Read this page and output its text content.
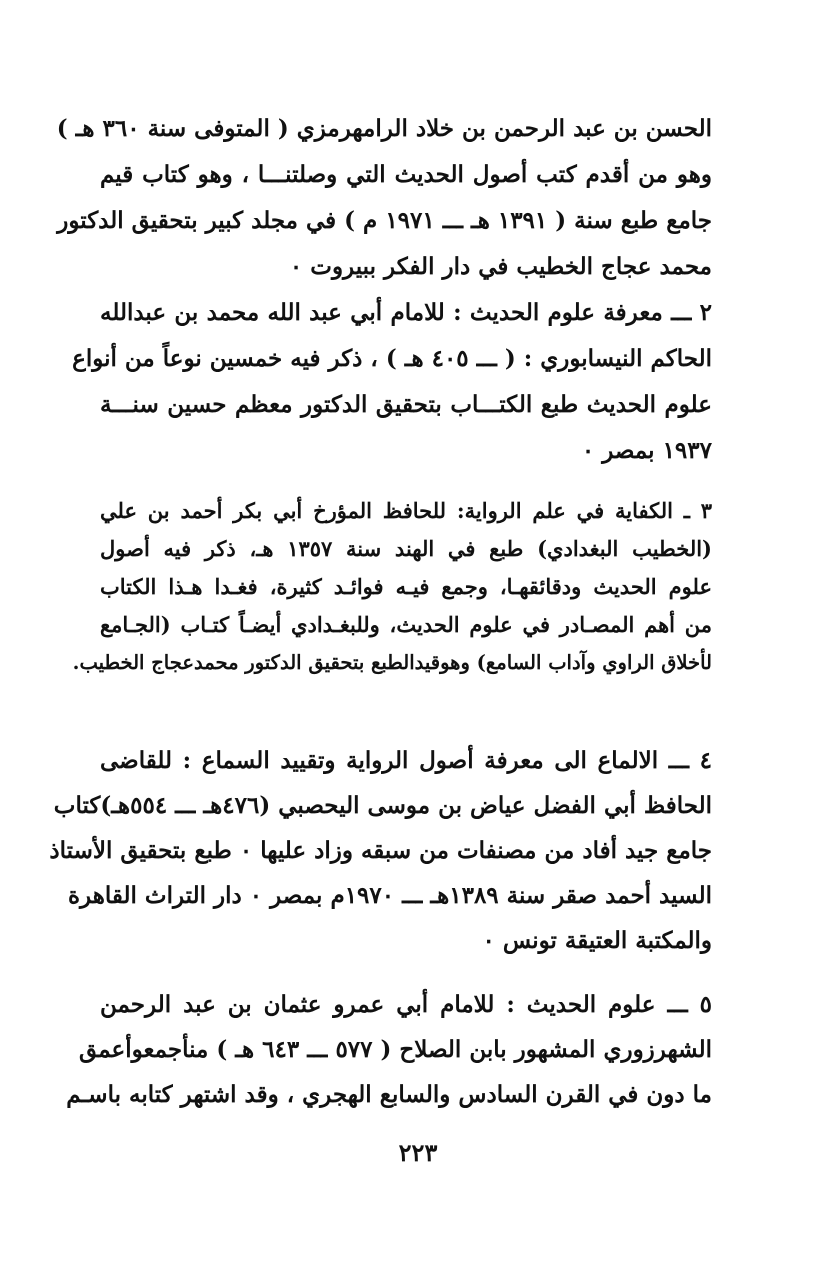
الحسن بن عبد الرحمن بن خلاد الرامهرمزي ( المتوفى سنة ٣٦٠ هـ )
وهو من أقدم كتب أصول الحديث التي وصلتنـــا ، وهو كتاب قيم
جامع طبع سنة ( ١٣٩١ هـ ـــ ١٩٧١ م ) في مجلد كبير بتحقيق الدكتور
محمد عجاج الخطيب في دار الفكر ببيروت ٠
٢ ـــ معرفة علوم الحديث : للامام أبي عبد الله محمد بن عبدالله
الحاكم النيسابوري : ( ـــ ٤٠٥ هـ ) ، ذكر فيه خمسين نوعاً من أنواع
علوم الحديث طبع الكتـــاب بتحقيق الدكتور معظم حسين سنـــة
١٩٣٧ بمصر ٠
٣ ـ الكفاية في علم الرواية: للحافظ المؤرخ أبي بكر أحمد بن علي
(الخطيب البغدادي) طبع في الهند سنة ١٣٥٧ هـ، ذكر فيه أصول
علوم الحديث ودقائقهـا، وجمع فيـه فوائـد كثيرة، فغـدا هـذا الكتاب
من أهم المصـادر في علوم الحديث، وللبغـدادي أيضـاً كتـاب (الجـامع
لأخلاق الراوي وآداب السامع) وهوقيدالطبع بتحقيق الدكتور محمدعجاج الخطيب.
٤ ـــ الالماع الى معرفة أصول الرواية وتقييد السماع : للقاضى
الحافظ أبي الفضل عياض بن موسى اليحصبي (٤٧٦هـ ـــ ٥٥٤هـ)كتاب
جامع جيد أفاد من مصنفات من سبقه وزاد عليها ٠ طبع بتحقيق الأستاذ
السيد أحمد صقر سنة ١٣٨٩هـ ـــ ١٩٧٠م بمصر ٠ دار التراث القاهرة
والمكتبة العتيقة تونس ٠
٥ ـــ علوم الحديث : للامام أبي عمرو عثمان بن عبد الرحمن
الشهرزوري المشهور بابن الصلاح ( ٥٧٧ ـــ ٦٤٣ هـ ) منأجمعوأعمق
ما دون في القرن السادس والسابع الهجري ، وقد اشتهر كتابه باسـم
٢٢٣
